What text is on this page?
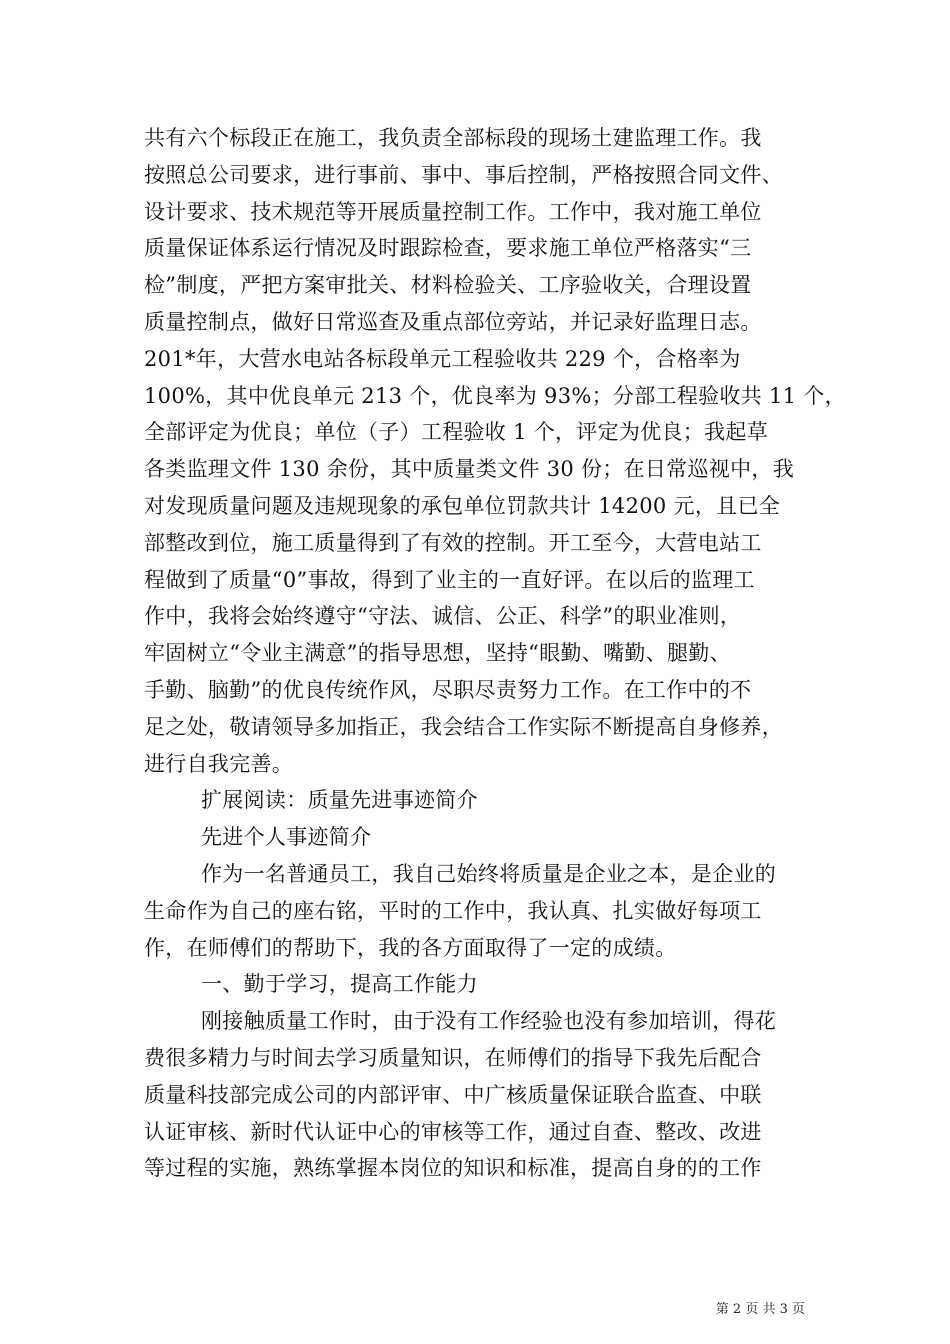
共有六个标段正在施工，我负责全部标段的现场土建监理工作。我
按照总公司要求，进行事前、事中、事后控制，严格按照合同文件、
设计要求、技术规范等开展质量控制工作。工作中，我对施工单位
质量保证体系运行情况及时跟踪检查，要求施工单位严格落实“三
检”制度，严把方案审批关、材料检验关、工序验收关，合理设置
质量控制点，做好日常巡查及重点部位旁站，并记录好监理日志。
201*年，大营水电站各标段单元工程验收共 229 个，合格率为
100%，其中优良单元 213 个，优良率为 93%；分部工程验收共 11 个，
全部评定为优良；单位（子）工程验收 1 个，评定为优良；我起草
各类监理文件 130 余份，其中质量类文件 30 份；在日常巡视中，我
对发现质量问题及违规现象的承包单位罚款共计 14200 元，且已全
部整改到位，施工质量得到了有效的控制。开工至今，大营电站工
程做到了质量“0”事故，得到了业主的一直好评。在以后的监理工
作中，我将会始终遵守“守法、诚信、公正、科学”的职业准则，
牢固树立“令业主满意”的指导思想，坚持“眼勤、嘴勤、腿勤、
手勤、脑勤”的优良传统作风，尽职尽责努力工作。在工作中的不
足之处，敬请领导多加指正，我会结合工作实际不断提高自身修养，
进行自我完善。
扩展阅读：质量先进事迹简介
先进个人事迹简介
作为一名普通员工，我自己始终将质量是企业之本，是企业的
生命作为自己的座右铭，平时的工作中，我认真、扎实做好每项工
作，在师傅们的帮助下，我的各方面取得了一定的成绩。
一、勤于学习，提高工作能力
刚接触质量工作时，由于没有工作经验也没有参加培训，得花
费很多精力与时间去学习质量知识，在师傅们的指导下我先后配合
质量科技部完成公司的内部评审、中广核质量保证联合监查、中联
认证审核、新时代认证中心的审核等工作，通过自查、整改、改进
等过程的实施，熟练掌握本岗位的知识和标准，提高自身的的工作
第 2 页 共 3 页
